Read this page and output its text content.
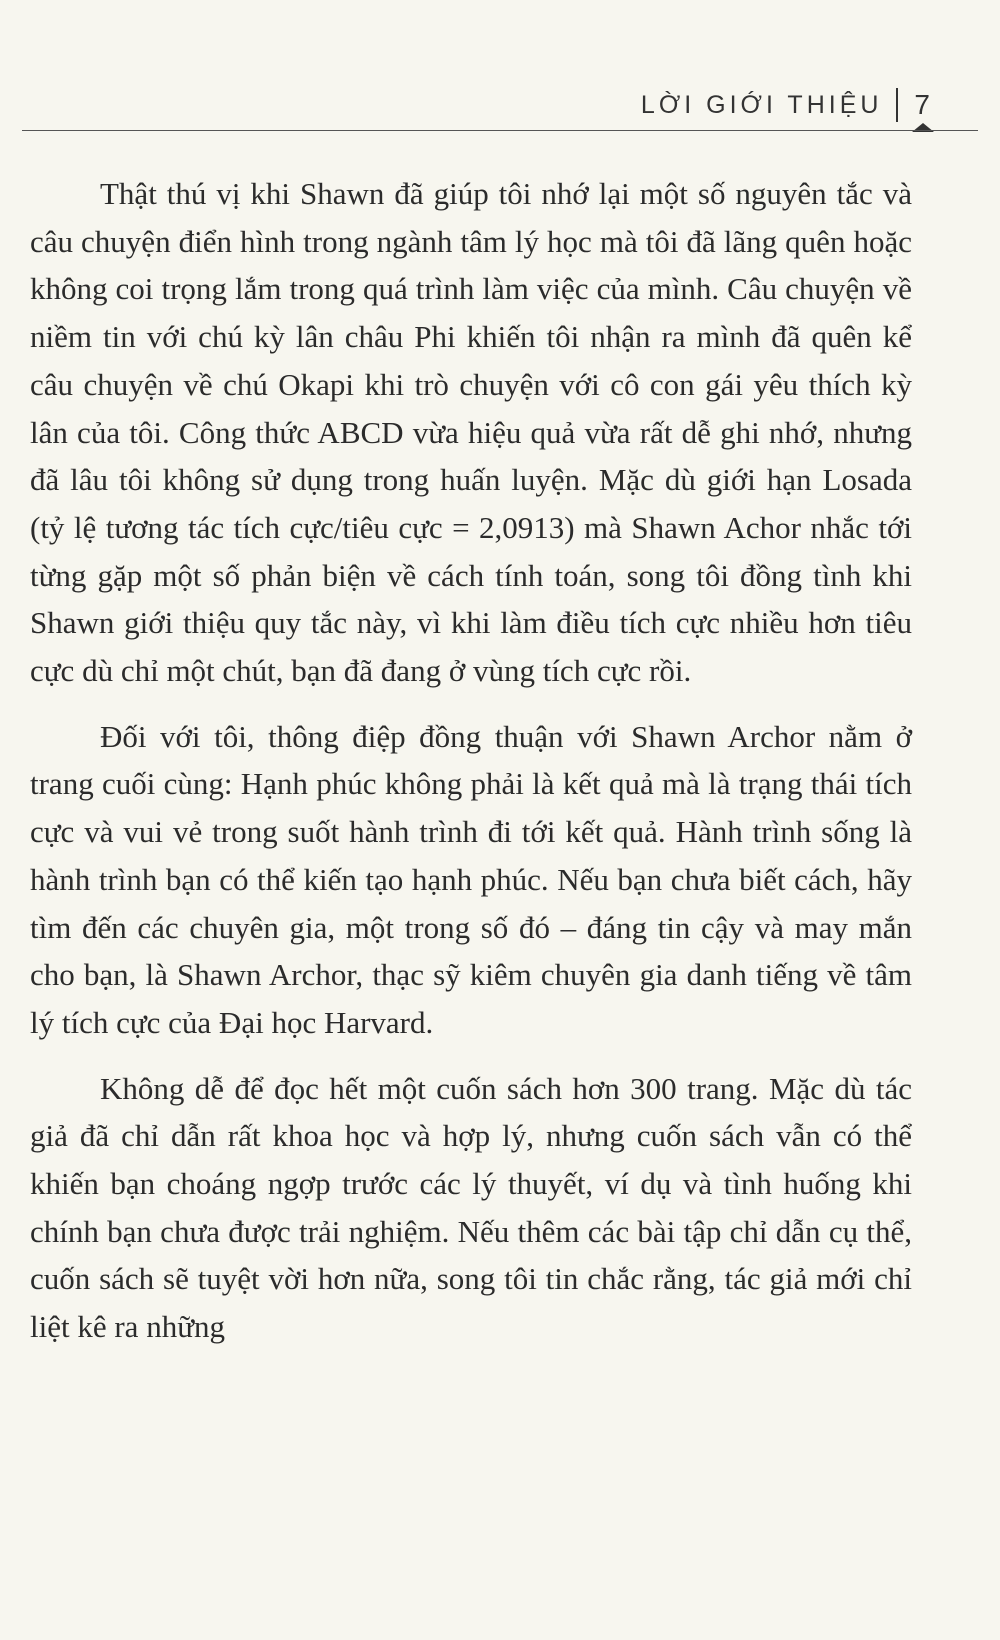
LỜI GIỚI THIỆU 7

Thật thú vị khi Shawn đã giúp tôi nhớ lại một số nguyên tắc và câu chuyện điển hình trong ngành tâm lý học mà tôi đã lãng quên hoặc không coi trọng lắm trong quá trình làm việc của mình. Câu chuyện về niềm tin với chú kỳ lân châu Phi khiến tôi nhận ra mình đã quên kể câu chuyện về chú Okapi khi trò chuyện với cô con gái yêu thích kỳ lân của tôi. Công thức ABCD vừa hiệu quả vừa rất dễ ghi nhớ, nhưng đã lâu tôi không sử dụng trong huấn luyện. Mặc dù giới hạn Losada (tỷ lệ tương tác tích cực/tiêu cực = 2,0913) mà Shawn Achor nhắc tới từng gặp một số phản biện về cách tính toán, song tôi đồng tình khi Shawn giới thiệu quy tắc này, vì khi làm điều tích cực nhiều hơn tiêu cực dù chỉ một chút, bạn đã đang ở vùng tích cực rồi.

Đối với tôi, thông điệp đồng thuận với Shawn Archor nằm ở trang cuối cùng: Hạnh phúc không phải là kết quả mà là trạng thái tích cực và vui vẻ trong suốt hành trình đi tới kết quả. Hành trình sống là hành trình bạn có thể kiến tạo hạnh phúc. Nếu bạn chưa biết cách, hãy tìm đến các chuyên gia, một trong số đó – đáng tin cậy và may mắn cho bạn, là Shawn Archor, thạc sỹ kiêm chuyên gia danh tiếng về tâm lý tích cực của Đại học Harvard.

Không dễ để đọc hết một cuốn sách hơn 300 trang. Mặc dù tác giả đã chỉ dẫn rất khoa học và hợp lý, nhưng cuốn sách vẫn có thể khiến bạn choáng ngợp trước các lý thuyết, ví dụ và tình huống khi chính bạn chưa được trải nghiệm. Nếu thêm các bài tập chỉ dẫn cụ thể, cuốn sách sẽ tuyệt vời hơn nữa, song tôi tin chắc rằng, tác giả mới chỉ liệt kê ra những
